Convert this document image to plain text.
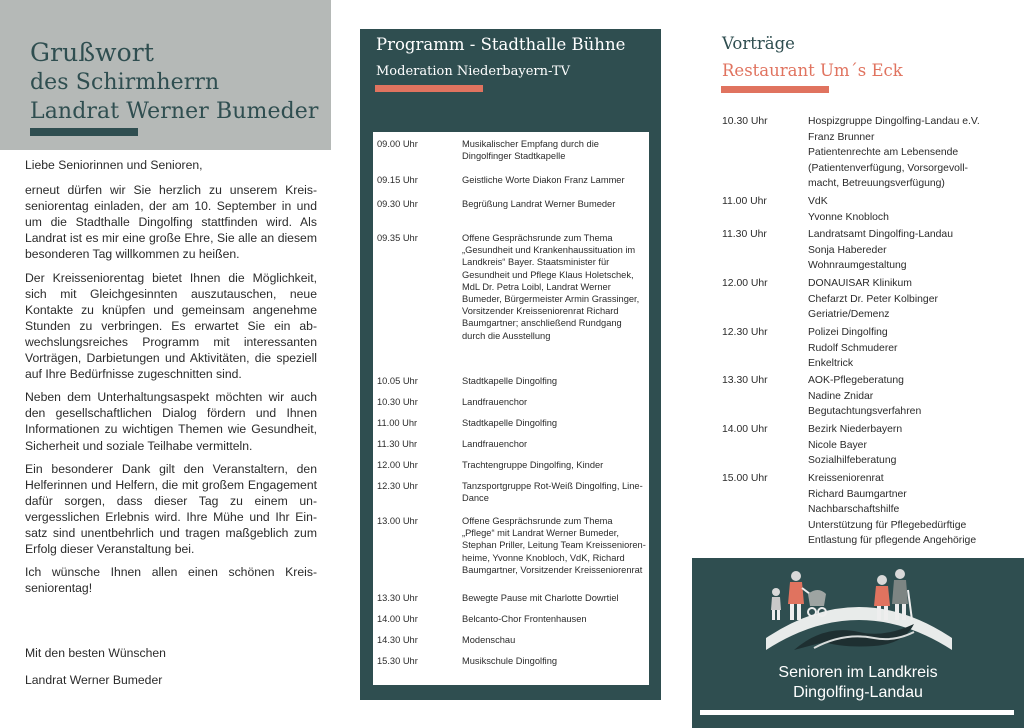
Grußwort
des Schirmherrn
Landrat Werner Bumeder

Liebe Seniorinnen und Senioren,

erneut dürfen wir Sie herzlich zu unserem Kreisseniorentag einladen, der am 10. September in und um die Stadthalle Dingolfing stattfinden wird. Als Landrat ist es mir eine große Ehre, Sie alle an diesem besonderen Tag willkommen zu heißen.

Der Kreisseniorentag bietet Ihnen die Möglichkeit, sich mit Gleichgesinnten auszutauschen, neue Kontakte zu knüpfen und gemeinsam angenehme Stunden zu verbringen. Es erwartet Sie ein abwechslungsreiches Programm mit interessanten Vorträgen, Darbietungen und Aktivitäten, die speziell auf Ihre Bedürfnisse zugeschnitten sind.

Neben dem Unterhaltungsaspekt möchten wir auch den gesellschaftlichen Dialog fördern und Ihnen Informationen zu wichtigen Themen wie Gesundheit, Sicherheit und soziale Teilhabe vermitteln.

Ein besonderer Dank gilt den Veranstaltern, den Helferinnen und Helfern, die mit großem Engagement dafür sorgen, dass dieser Tag zu einem unvergesslichen Erlebnis wird. Ihre Mühe und Ihr Einsatz sind unentbehrlich und tragen maßgeblich zum Erfolg dieser Veranstaltung bei.

Ich wünsche Ihnen allen einen schönen Kreisseniorentag!

Mit den besten Wünschen
Landrat Werner Bumeder
Programm - Stadthalle Bühne
Moderation Niederbayern-TV
09.00 Uhr	Musikalischer Empfang durch die Dingolfinger Stadtkapelle
09.15 Uhr	Geistliche Worte Diakon Franz Lammer
09.30 Uhr	Begrüßung Landrat Werner Bumeder
09.35 Uhr	Offene Gesprächsrunde zum Thema „Gesundheit und Krankenhaussituation im Landkreis“ Bayer. Staatsminister für Gesundheit und Pflege Klaus Holetschek, MdL Dr. Petra Loibl, Landrat Werner Bumeder, Bürgermeister Armin Grassinger, Vorsitzender Kreisseniorenrat Richard Baumgartner; anschließend Rundgang durch die Ausstellung
10.05 Uhr	Stadtkapelle Dingolfing
10.30 Uhr	Landfrauenchor
11.00 Uhr	Stadtkapelle Dingolfing
11.30 Uhr	Landfrauenchor
12.00 Uhr	Trachtengruppe Dingolfing, Kinder
12.30 Uhr	Tanzsportgruppe Rot-Weiß Dingolfing, Line-Dance
13.00 Uhr	Offene Gesprächsrunde zum Thema „Pflege“ mit Landrat Werner Bumeder, Stephan Priller, Leitung Team Kreisseniorenheime, Yvonne Knobloch, VdK, Richard Baumgartner, Vorsitzender Kreisseniorenrat
13.30 Uhr	Bewegte Pause mit Charlotte Dowrtiel
14.00 Uhr	Belcanto-Chor Frontenhausen
14.30 Uhr	Modenschau
15.30 Uhr	Musikschule Dingolfing
Vorträge
Restaurant Um´s Eck
10.30 Uhr	Hospizgruppe Dingolfing-Landau e.V.
Franz Brunner
Patientenrechte am Lebensende
(Patientenverfügung, Vorsorgevoll-
macht, Betreuungsverfügung)
11.00 Uhr	VdK
Yvonne Knobloch
11.30 Uhr	Landratsamt Dingolfing-Landau
Sonja Habereder
Wohnraumgestaltung
12.00 Uhr	DONAUISAR Klinikum
Chefarzt Dr. Peter Kolbinger
Geriatrie/Demenz
12.30 Uhr	Polizei Dingolfing
Rudolf Schmuderer
Enkeltrick
13.30 Uhr	AOK-Pflegeberatung
Nadine Znidar
Begutachtungsverfahren
14.00 Uhr	Bezirk Niederbayern
Nicole Bayer
Sozialhilfeberatung
15.00 Uhr	Kreisseniorenrat
Richard Baumgartner
Nachbarschaftshilfe
Unterstützung für Pflegebedürftige
Entlastung für pflegende Angehörige
Senioren im Landkreis
Dingolfing-Landau
